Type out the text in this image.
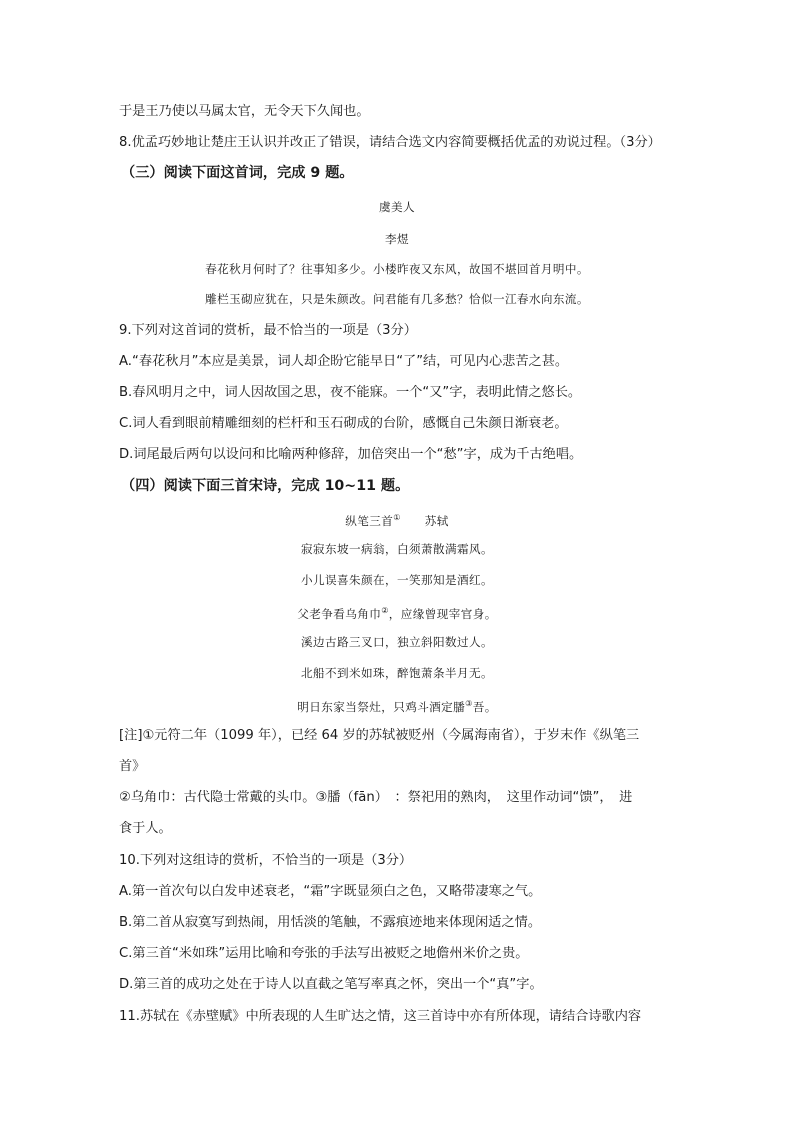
于是王乃使以马属太官，无令天下久闻也。
8.优孟巧妙地让楚庄王认识并改正了错误，请结合选文内容简要概括优孟的劝说过程。（3分）
（三）阅读下面这首词，完成 9 题。
虞美人
李煜
春花秋月何时了？往事知多少。小楼昨夜又东风，故国不堪回首月明中。
雕栏玉砌应犹在，只是朱颜改。问君能有几多愁？恰似一江春水向东流。
9.下列对这首词的赏析，最不恰当的一项是（3分）
A.“春花秋月”本应是美景，词人却企盼它能早日“了”结，可见内心悲苦之甚。
B.春风明月之中，词人因故国之思，夜不能寐。一个“又”字，表明此情之悠长。
C.词人看到眼前精雕细刻的栏杆和玉石砌成的台阶，感慨自己朱颜日渐衰老。
D.词尾最后两句以设问和比喻两种修辞，加倍突出一个“愁”字，成为千古绝唱。
（四）阅读下面三首宋诗，完成 10~11 题。
纵笔三首①　　 苏轼
寂寂东坡一病翁，白须萧散满霜风。
小儿误喜朱颜在，一笑那知是酒红。
父老争看乌角巾②，应缘曾现宰官身。
溪边古路三叉口，独立斜阳数过人。
北船不到米如珠，醉饱萧条半月无。
明日东家当祭灶，只鸡斗酒定膰③吾。
[注]①元符二年（1099 年），已经 64 岁的苏轼被贬州（今属海南省），于岁末作《纵笔三
首》
②乌角巾：古代隐士常戴的头巾。③膰（fān）　：祭祀用的熟肉，　这里作动词“馈”，　进
食于人。
10.下列对这组诗的赏析，不恰当的一项是（3分）
A.第一首次句以白发申述衰老，“霜”字既显须白之色，又略带凄寒之气。
B.第二首从寂寞写到热闹，用恬淡的笔触，不露痕迹地来体现闲适之情。
C.第三首“米如珠”运用比喻和夸张的手法写出被贬之地儋州米价之贵。
D.第三首的成功之处在于诗人以直截之笔写率真之怀，突出一个“真”字。
11.苏轼在《赤壁赋》中所表现的人生旷达之情，这三首诗中亦有所体现，请结合诗歌内容
